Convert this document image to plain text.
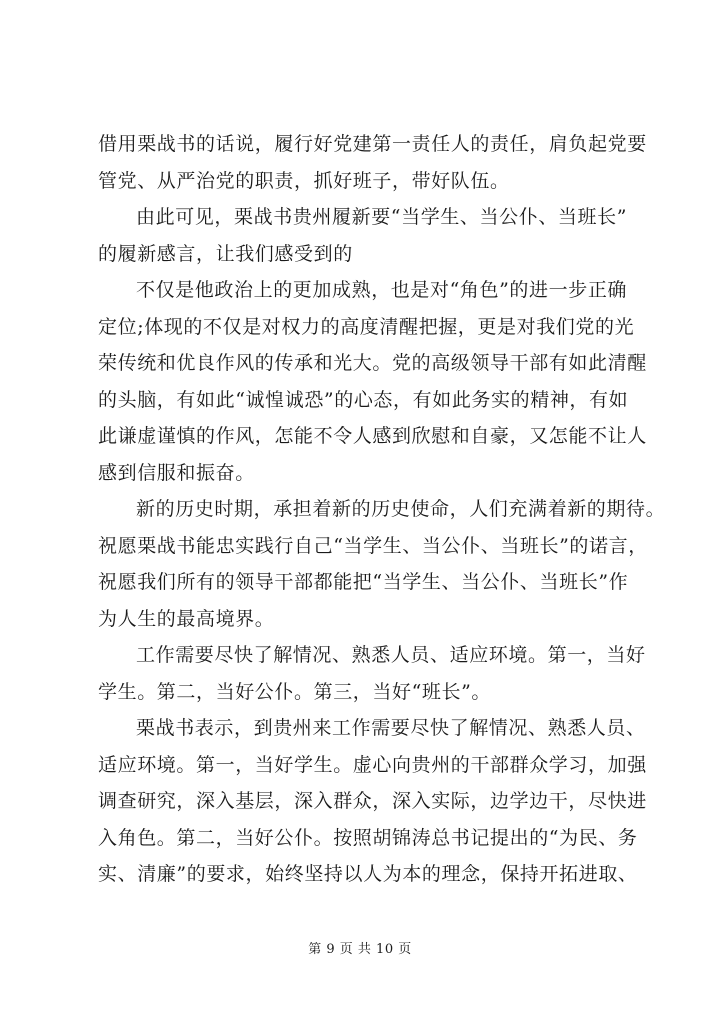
借用栗战书的话说，履行好党建第一责任人的责任，肩负起党要
管党、从严治党的职责，抓好班子，带好队伍。

由此可见，栗战书贵州履新要“当学生、当公仆、当班长”
的履新感言，让我们感受到的

不仅是他政治上的更加成熟，也是对“角色”的进一步正确
定位;体现的不仅是对权力的高度清醒把握，更是对我们党的光
荣传统和优良作风的传承和光大。党的高级领导干部有如此清醒
的头脑，有如此“诚惶诚恐”的心态，有如此务实的精神，有如
此谦虚谨慎的作风，怎能不令人感到欣慰和自豪，又怎能不让人
感到信服和振奋。

新的历史时期，承担着新的历史使命，人们充满着新的期待。
祝愿栗战书能忠实践行自己“当学生、当公仆、当班长”的诺言，
祝愿我们所有的领导干部都能把“当学生、当公仆、当班长”作
为人生的最高境界。

工作需要尽快了解情况、熟悉人员、适应环境。第一，当好
学生。第二，当好公仆。第三，当好“班长”。

栗战书表示，到贵州来工作需要尽快了解情况、熟悉人员、
适应环境。第一，当好学生。虚心向贵州的干部群众学习，加强
调查研究，深入基层，深入群众，深入实际，边学边干，尽快进
入角色。第二，当好公仆。按照胡锦涛总书记提出的“为民、务
实、清廉”的要求，始终坚持以人为本的理念，保持开拓进取、

第 9 页 共 10 页
